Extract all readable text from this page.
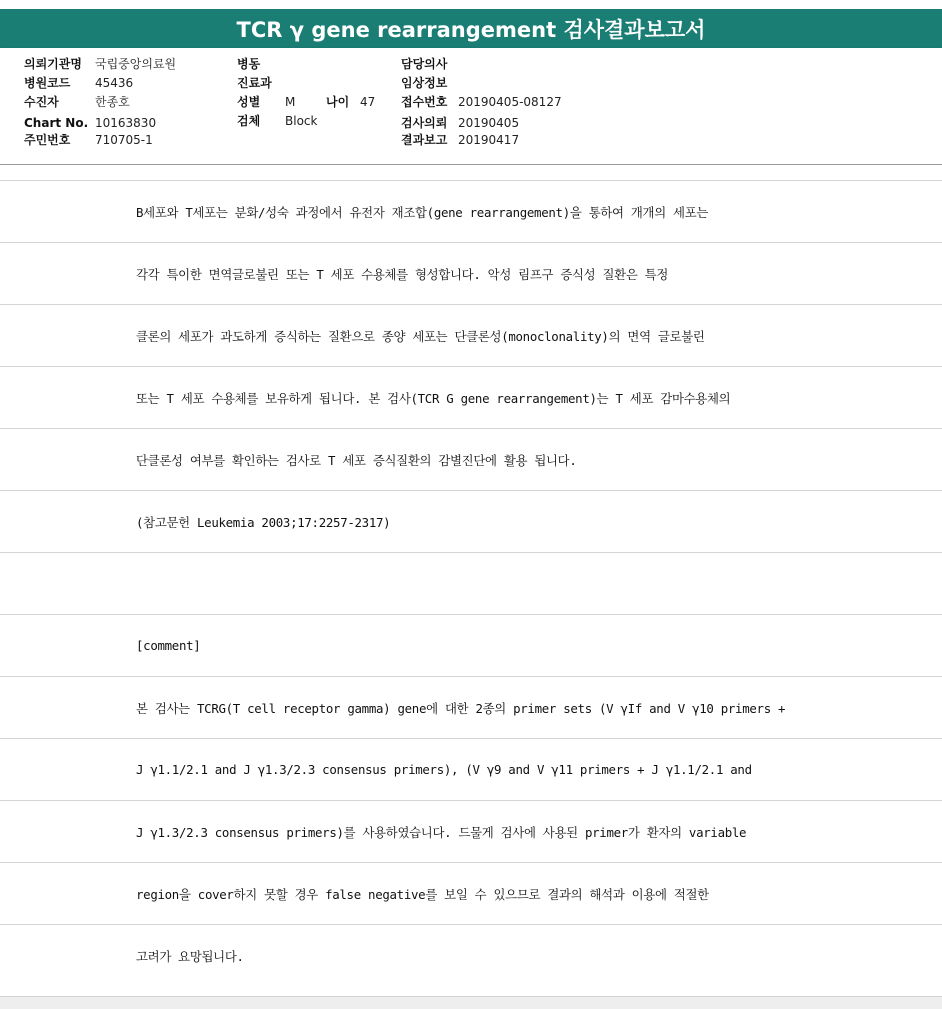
TCR γ gene rearrangement 검사결과보고서
의뢰기관명 국립중앙의료원
병원코드 45436
수진자	한종호
Chart No. 10163830
주민번호 710705-1
병동
진료과
성별 M	나이 47
검체 Block
담당의사
임상정보
접수번호 20190405-08127
검사의뢰 20190405
결과보고 20190417
B세포와 T세포는 분화/성숙 과정에서 유전자 재조합(gene rearrangement)을 통하여 개개의 세포는
각각 특이한 면역글로불린 또는 T 세포 수용체를 형성합니다. 악성 림프구 증식성 질환은 특정
클론의 세포가 과도하게 증식하는 질환으로 종양 세포는 단클론성(monoclonality)의 면역 글로불린
또는 T 세포 수용체를 보유하게 됩니다. 본 검사(TCR G gene rearrangement)는 T 세포 감마수용체의
단클론성 여부를 확인하는 검사로 T 세포 증식질환의 감별진단에 활용 됩니다.
(참고문헌 Leukemia 2003;17:2257-2317)
[comment]
본 검사는 TCRG(T cell receptor gamma) gene에 대한 2종의 primer sets (V γIf and V γ10 primers +
J γ1.1/2.1 and J γ1.3/2.3 consensus primers), (V γ9 and V γ11 primers + J γ1.1/2.1 and
J γ1.3/2.3 consensus primers)를 사용하였습니다. 드물게 검사에 사용된 primer가 환자의 variable
region을 cover하지 못할 경우 false negative를 보일 수 있으므로 결과의 해석과 이용에 적절한
고려가 요망됩니다.
